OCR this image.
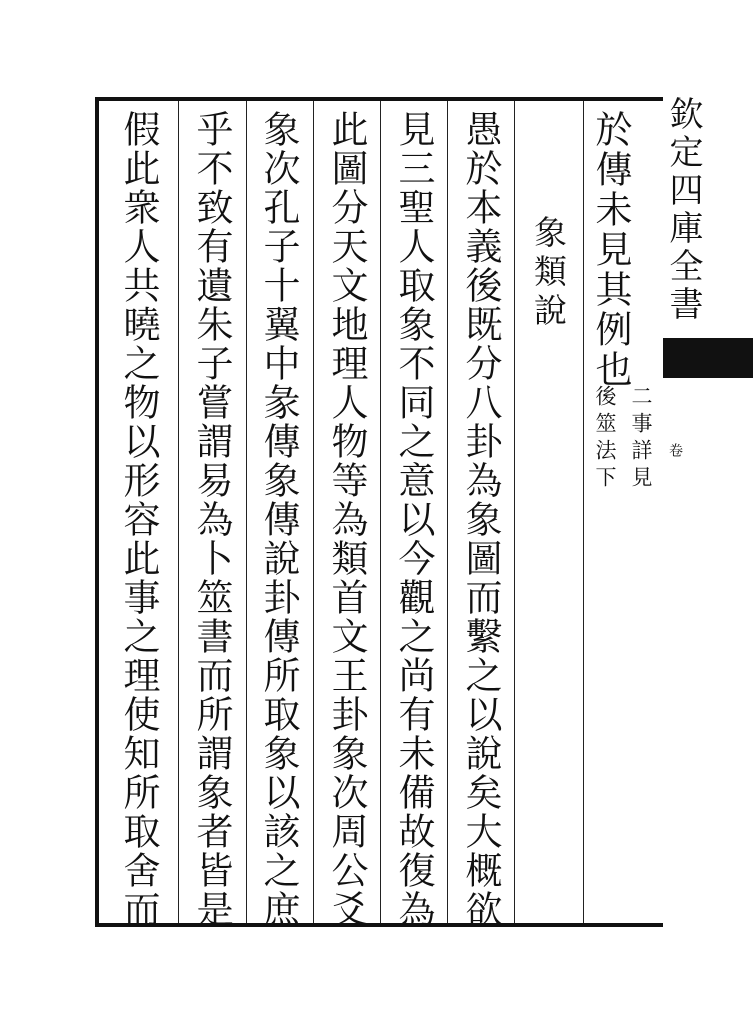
於傳未見其例也
二事詳見
後筮法下
象類說
愚於本義後既分八卦為象圖而繫之以說矣大概欲
見三聖人取象不同之意以今觀之尚有未備故復為
此圖分天文地理人物等為類首文王卦象次周公爻
象次孔子十翼中彖傳象傳說卦傳所取象以該之庶
乎不致有遺朱子嘗謂易為卜筮書而所謂象者皆是
假此衆人共曉之物以形容此事之理使知所取舍而	欽定四庫全書
卷
